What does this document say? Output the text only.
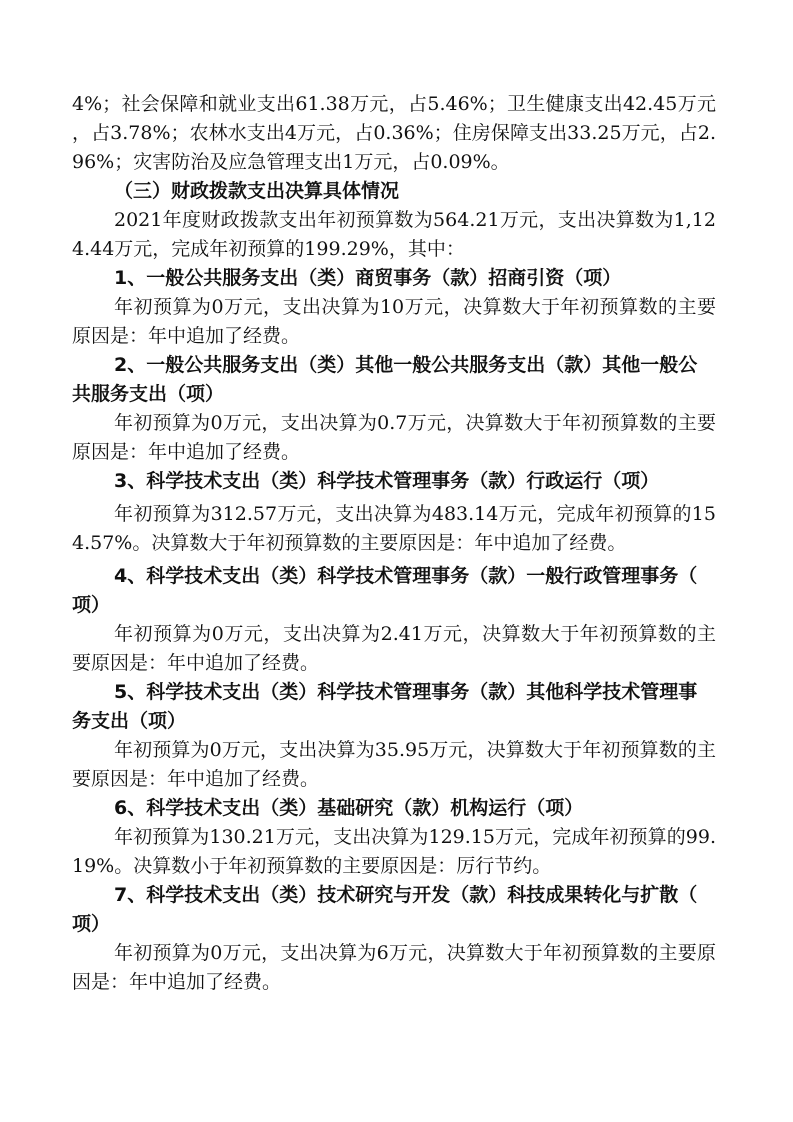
4%；社会保障和就业支出61.38万元，占5.46%；卫生健康支出42.45万元，占3.78%；农林水支出4万元，占0.36%；住房保障支出33.25万元，占2.96%；灾害防治及应急管理支出1万元，占0.09%。

（三）财政拨款支出决算具体情况

2021年度财政拨款支出年初预算数为564.21万元，支出决算数为1,124.44万元，完成年初预算的199.29%，其中：

1、一般公共服务支出（类）商贸事务（款）招商引资（项）

年初预算为0万元，支出决算为10万元，决算数大于年初预算数的主要原因是：年中追加了经费。

2、一般公共服务支出（类）其他一般公共服务支出（款）其他一般公共服务支出（项）

年初预算为0万元，支出决算为0.7万元，决算数大于年初预算数的主要原因是：年中追加了经费。

3、科学技术支出（类）科学技术管理事务（款）行政运行（项）

年初预算为312.57万元，支出决算为483.14万元，完成年初预算的154.57%。决算数大于年初预算数的主要原因是：年中追加了经费。

4、科学技术支出（类）科学技术管理事务（款）一般行政管理事务（项）

年初预算为0万元，支出决算为2.41万元，决算数大于年初预算数的主要原因是：年中追加了经费。

5、科学技术支出（类）科学技术管理事务（款）其他科学技术管理事务支出（项）

年初预算为0万元，支出决算为35.95万元，决算数大于年初预算数的主要原因是：年中追加了经费。

6、科学技术支出（类）基础研究（款）机构运行（项）

年初预算为130.21万元，支出决算为129.15万元，完成年初预算的99.19%。决算数小于年初预算数的主要原因是：厉行节约。

7、科学技术支出（类）技术研究与开发（款）科技成果转化与扩散（项）

年初预算为0万元，支出决算为6万元，决算数大于年初预算数的主要原因是：年中追加了经费。
